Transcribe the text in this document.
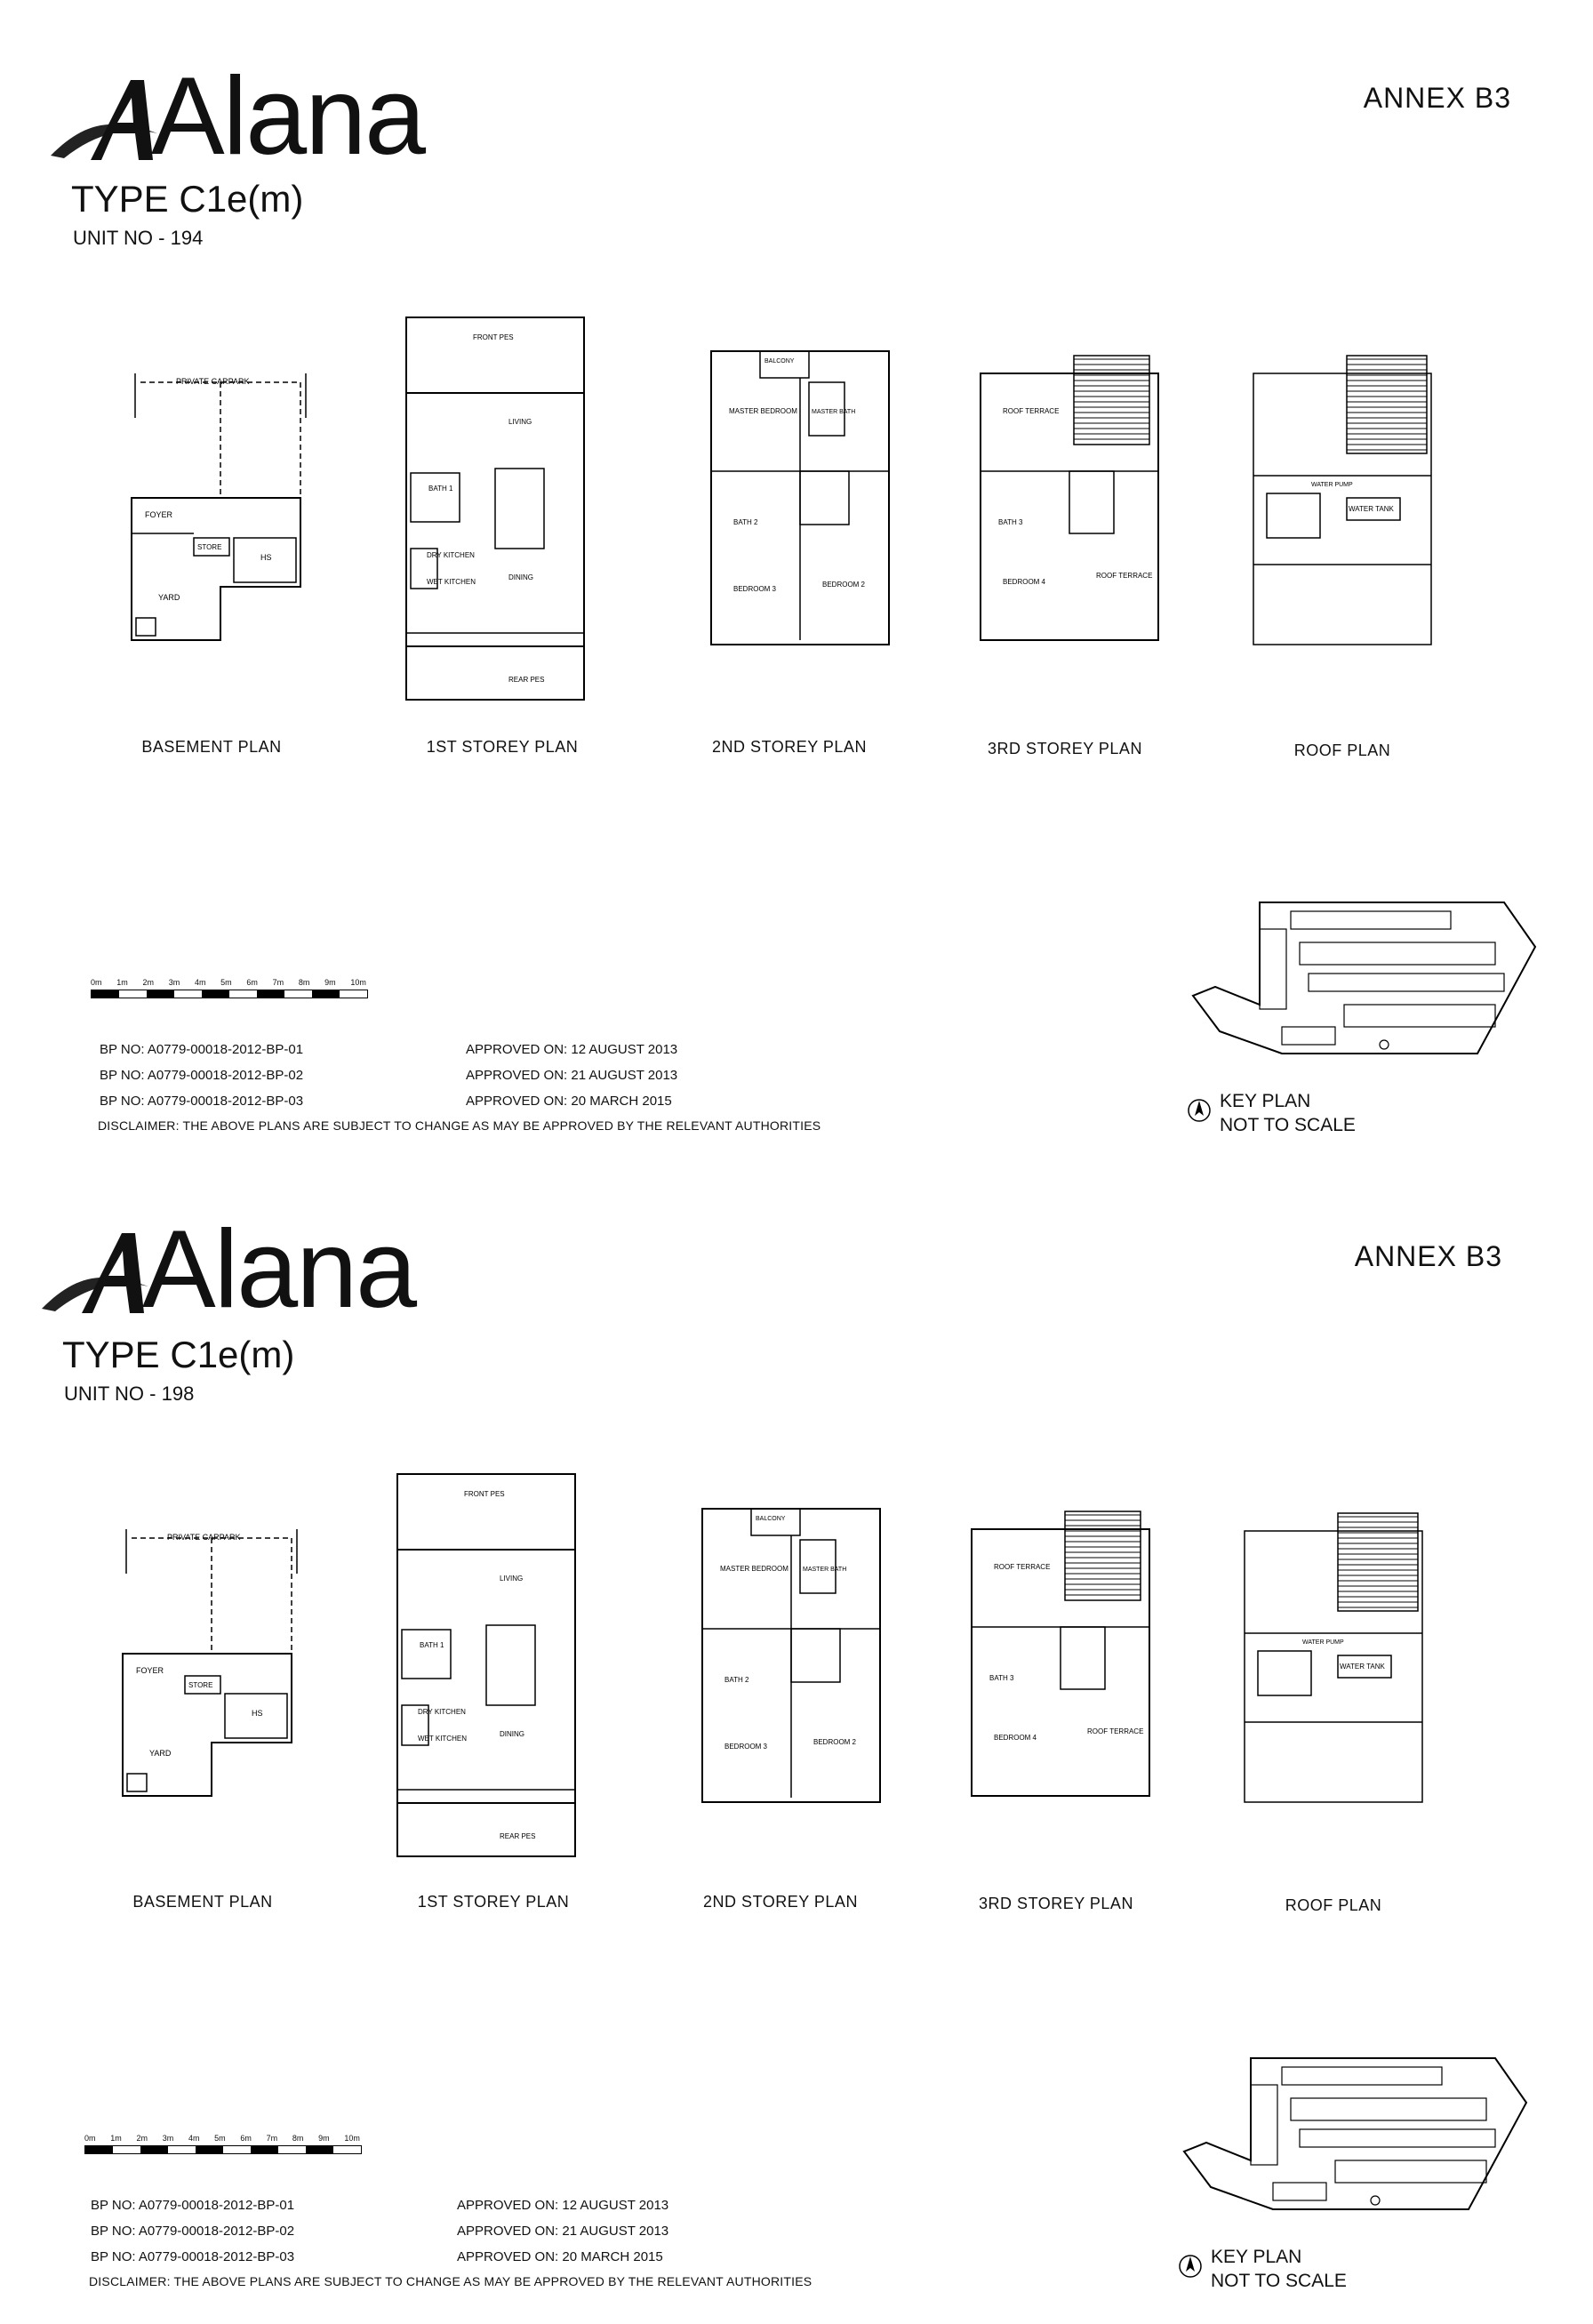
Alana	ANNEX B3
TYPE C1e(m)
UNIT NO - 194
PRIVATE CARPARK
FOYER
STORE
HS
YARD
BASEMENT PLAN
FRONT PES
LIVING
BATH 1
DRY KITCHEN
WET KITCHEN
DINING
REAR PES
1ST STOREY PLAN
BALCONY
MASTER BEDROOM MASTER BATH
BATH 2
BEDROOM 3
BEDROOM 2
2ND STOREY PLAN
ROOF TERRACE
BATH 3
BEDROOM 4
ROOF TERRACE
3RD STOREY PLAN
WATER TANK
WATER PUMP
ROOF PLAN
0m 1m 2m 3m 4m 5m 6m 7m 8m 9m 10m
BP NO: A0779-00018-2012-BP-01
BP NO: A0779-00018-2012-BP-02
BP NO: A0779-00018-2012-BP-03
APPROVED ON: 12 AUGUST 2013
APPROVED ON: 21 AUGUST 2013
APPROVED ON: 20 MARCH 2015
DISCLAIMER: THE ABOVE PLANS ARE SUBJECT TO CHANGE AS MAY BE APPROVED BY THE RELEVANT AUTHORITIES
KEY PLAN
NOT TO SCALE
Alana	ANNEX B3
TYPE C1e(m)
UNIT NO - 198
PRIVATE CARPARK
FOYER
STORE
HS
YARD
BASEMENT PLAN
FRONT PES
LIVING
BATH 1
DRY KITCHEN
WET KITCHEN
DINING
REAR PES
1ST STOREY PLAN
BALCONY
MASTER BEDROOM MASTER BATH
BATH 2
BEDROOM 3
BEDROOM 2
2ND STOREY PLAN
ROOF TERRACE
BATH 3
BEDROOM 4
ROOF TERRACE
3RD STOREY PLAN
WATER TANK
WATER PUMP
ROOF PLAN
0m 1m 2m 3m 4m 5m 6m 7m 8m 9m 10m
BP NO: A0779-00018-2012-BP-01
BP NO: A0779-00018-2012-BP-02
BP NO: A0779-00018-2012-BP-03
APPROVED ON: 12 AUGUST 2013
APPROVED ON: 21 AUGUST 2013
APPROVED ON: 20 MARCH 2015
DISCLAIMER: THE ABOVE PLANS ARE SUBJECT TO CHANGE AS MAY BE APPROVED BY THE RELEVANT AUTHORITIES
KEY PLAN
NOT TO SCALE
